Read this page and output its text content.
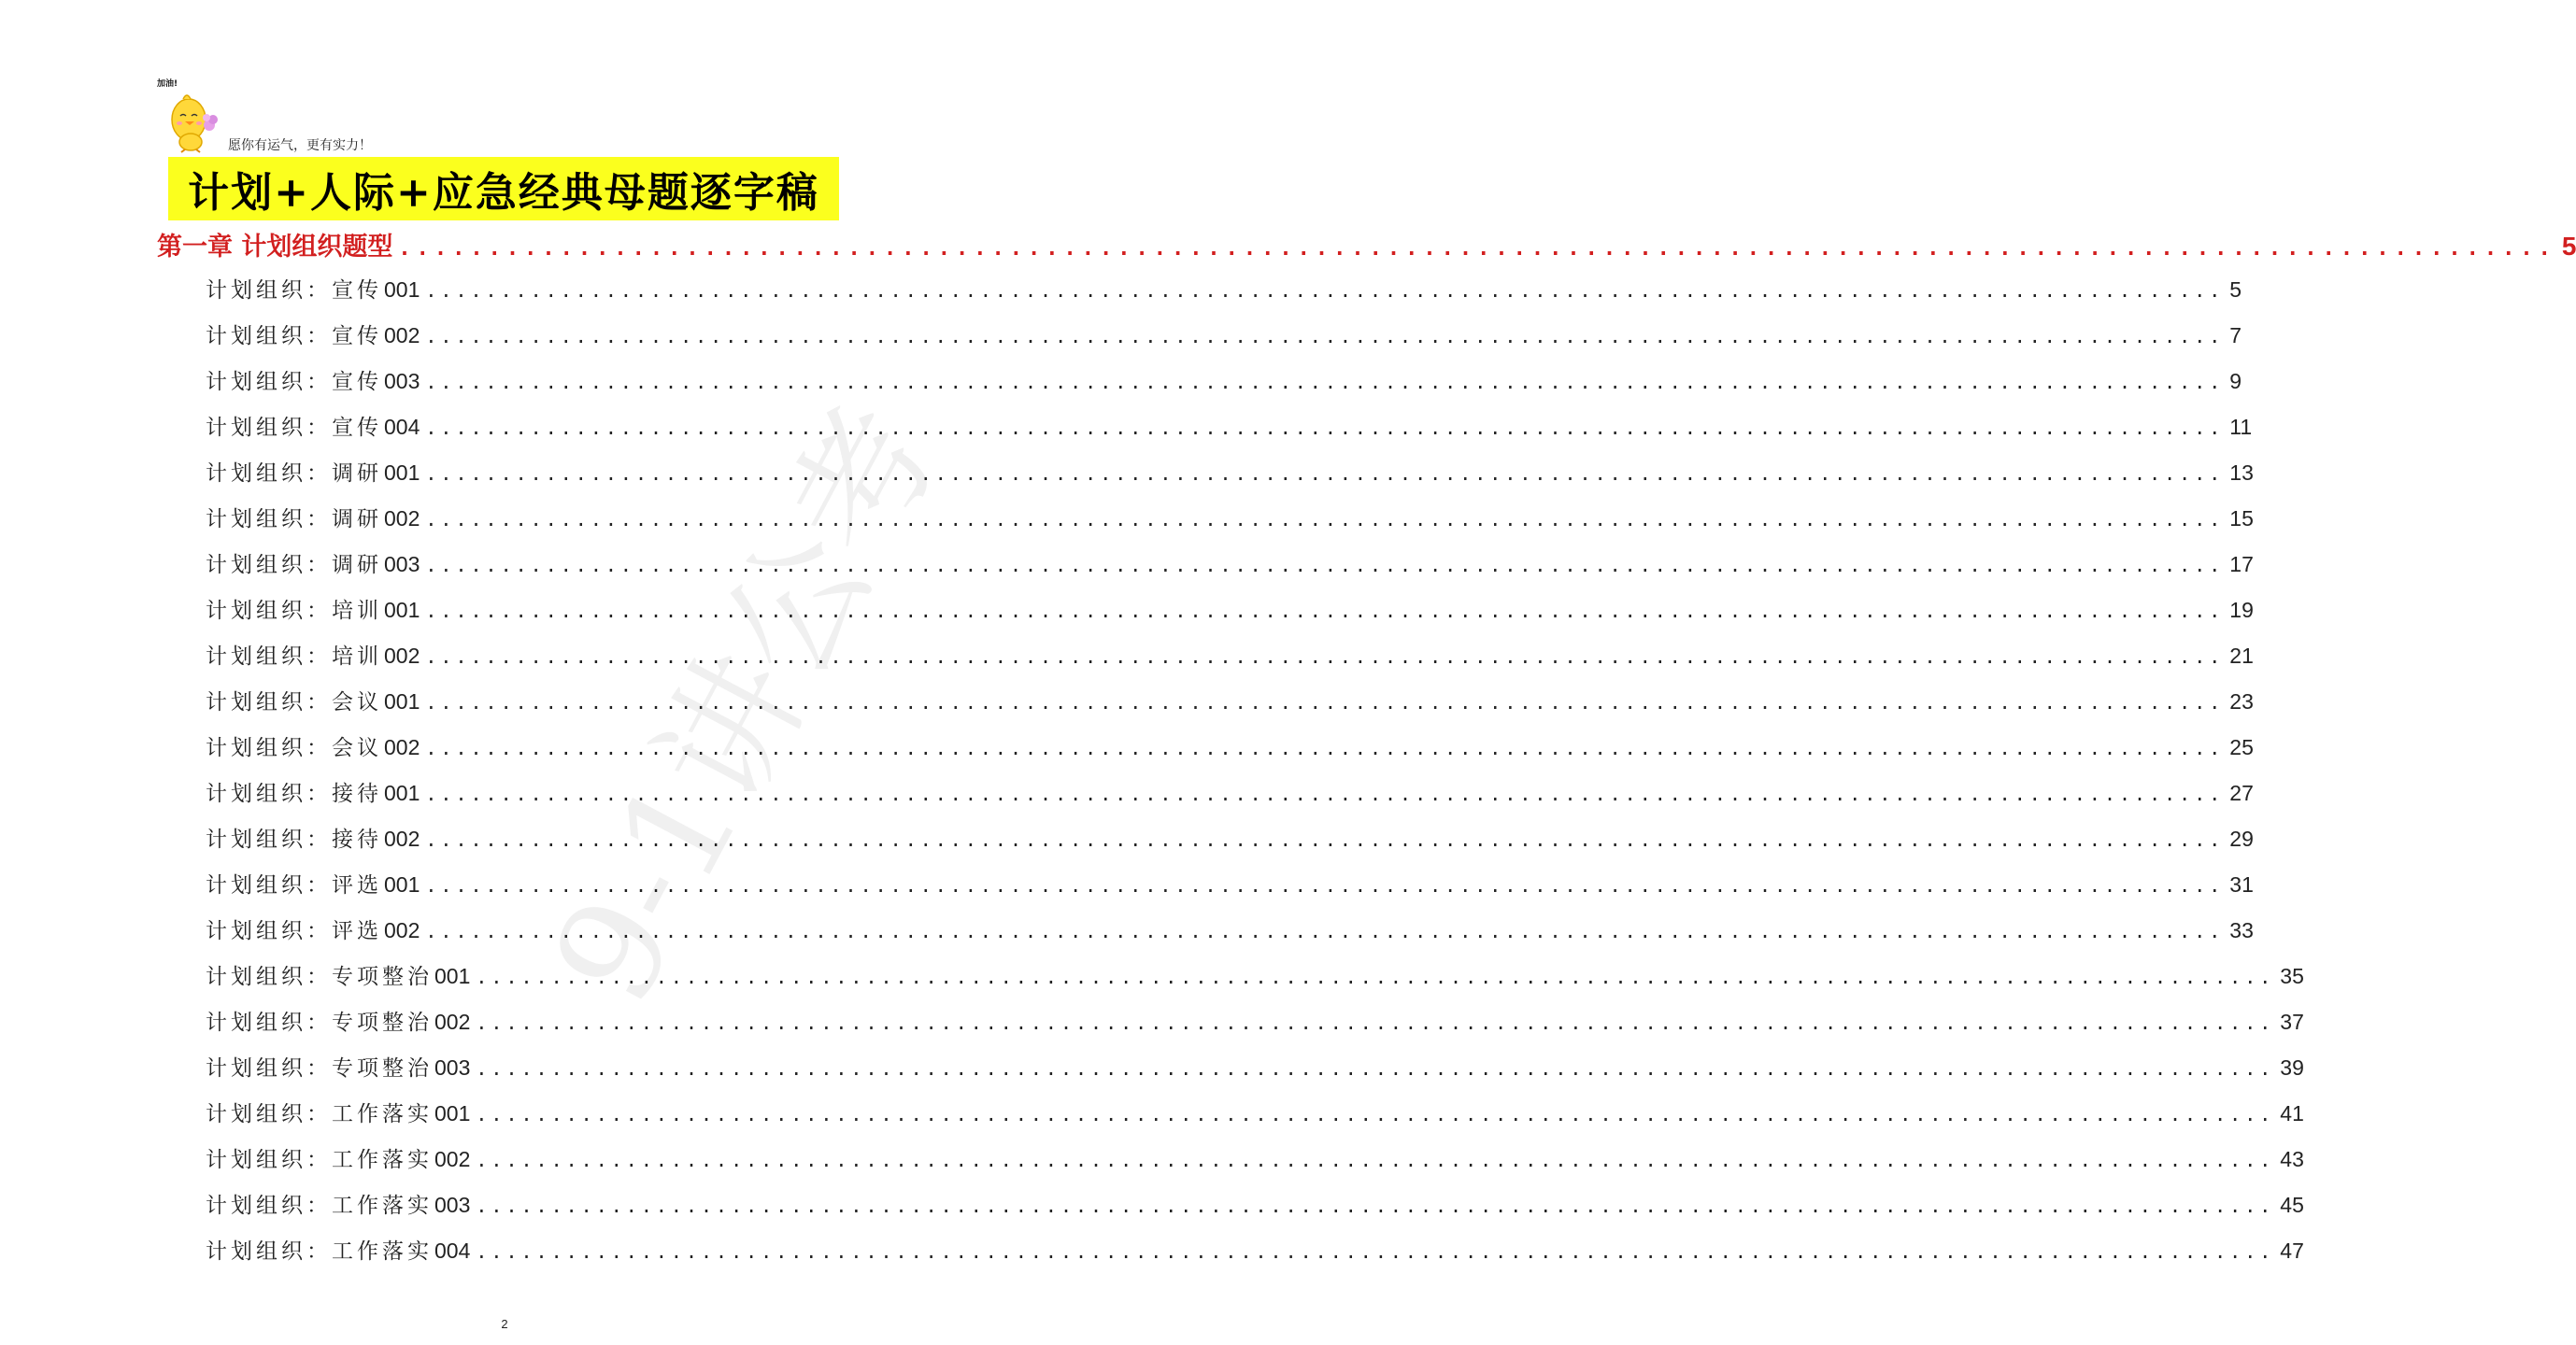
9-1讲公考
加油!
愿你有运气，更有实力！
计划+人际+应急经典母题逐字稿
第一章 计划组织题型 ........................................................................................................................ 5
计划组织：宣传 001 ........................................................................................................................ 5
计划组织：宣传 002 ........................................................................................................................ 7
计划组织：宣传 003 ........................................................................................................................ 9
计划组织：宣传 004 ........................................................................................................................ 11
计划组织：调研 001 ........................................................................................................................ 13
计划组织：调研 002 ........................................................................................................................ 15
计划组织：调研 003 ........................................................................................................................ 17
计划组织：培训 001 ........................................................................................................................ 19
计划组织：培训 002 ........................................................................................................................ 21
计划组织：会议 001 ........................................................................................................................ 23
计划组织：会议 002 ........................................................................................................................ 25
计划组织：接待 001 ........................................................................................................................ 27
计划组织：接待 002 ........................................................................................................................ 29
计划组织：评选 001 ........................................................................................................................ 31
计划组织：评选 002 ........................................................................................................................ 33
计划组织：专项整治 001 ........................................................................................................................ 35
计划组织：专项整治 002 ........................................................................................................................ 37
计划组织：专项整治 003 ........................................................................................................................ 39
计划组织：工作落实 001 ........................................................................................................................ 41
计划组织：工作落实 002 ........................................................................................................................ 43
计划组织：工作落实 003 ........................................................................................................................ 45
计划组织：工作落实 004 ........................................................................................................................ 47
2
